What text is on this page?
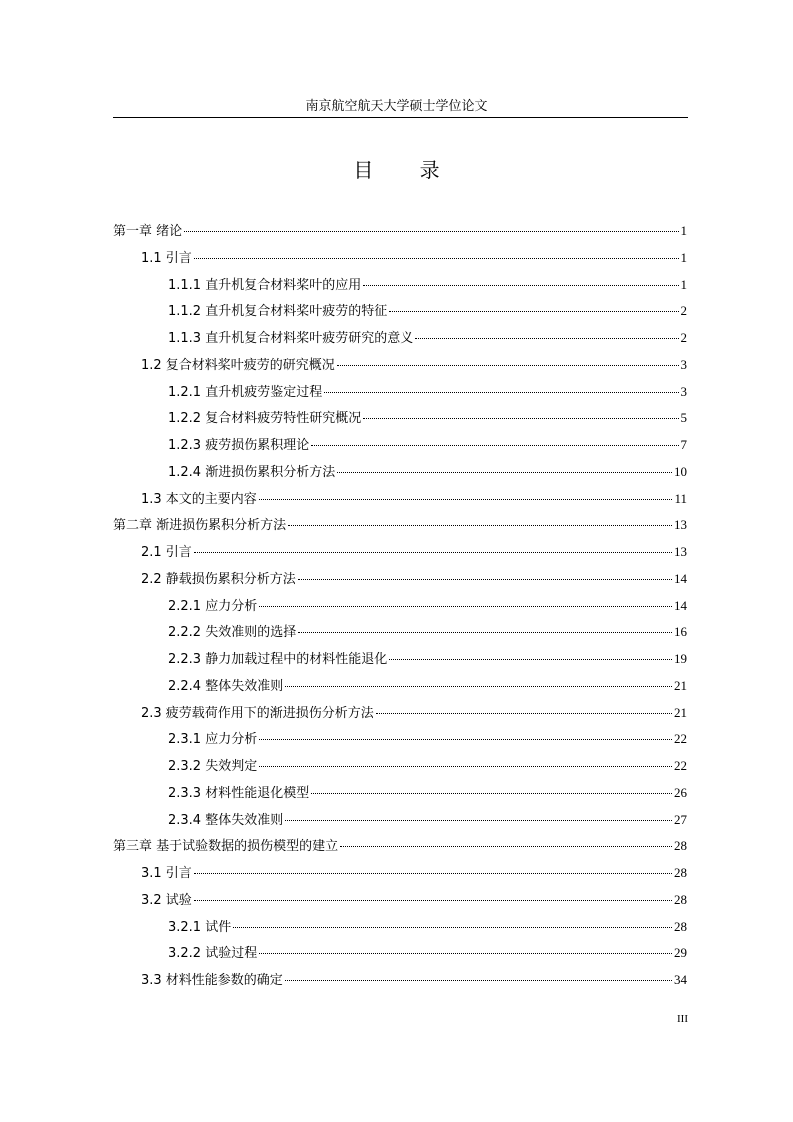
南京航空航天大学硕士学位论文
目 录
第一章 绪论	1
1.1 引言	1
1.1.1 直升机复合材料桨叶的应用	1
1.1.2 直升机复合材料桨叶疲劳的特征	2
1.1.3 直升机复合材料桨叶疲劳研究的意义	2
1.2 复合材料桨叶疲劳的研究概况	3
1.2.1 直升机疲劳鉴定过程	3
1.2.2 复合材料疲劳特性研究概况	5
1.2.3 疲劳损伤累积理论	7
1.2.4 渐进损伤累积分析方法	10
1.3 本文的主要内容	11
第二章 渐进损伤累积分析方法	13
2.1 引言	13
2.2 静载损伤累积分析方法	14
2.2.1 应力分析	14
2.2.2 失效准则的选择	16
2.2.3 静力加载过程中的材料性能退化	19
2.2.4 整体失效准则	21
2.3 疲劳载荷作用下的渐进损伤分析方法	21
2.3.1 应力分析	22
2.3.2 失效判定	22
2.3.3 材料性能退化模型	26
2.3.4 整体失效准则	27
第三章 基于试验数据的损伤模型的建立	28
3.1 引言	28
3.2 试验	28
3.2.1 试件	28
3.2.2 试验过程	29
3.3 材料性能参数的确定	34
III
